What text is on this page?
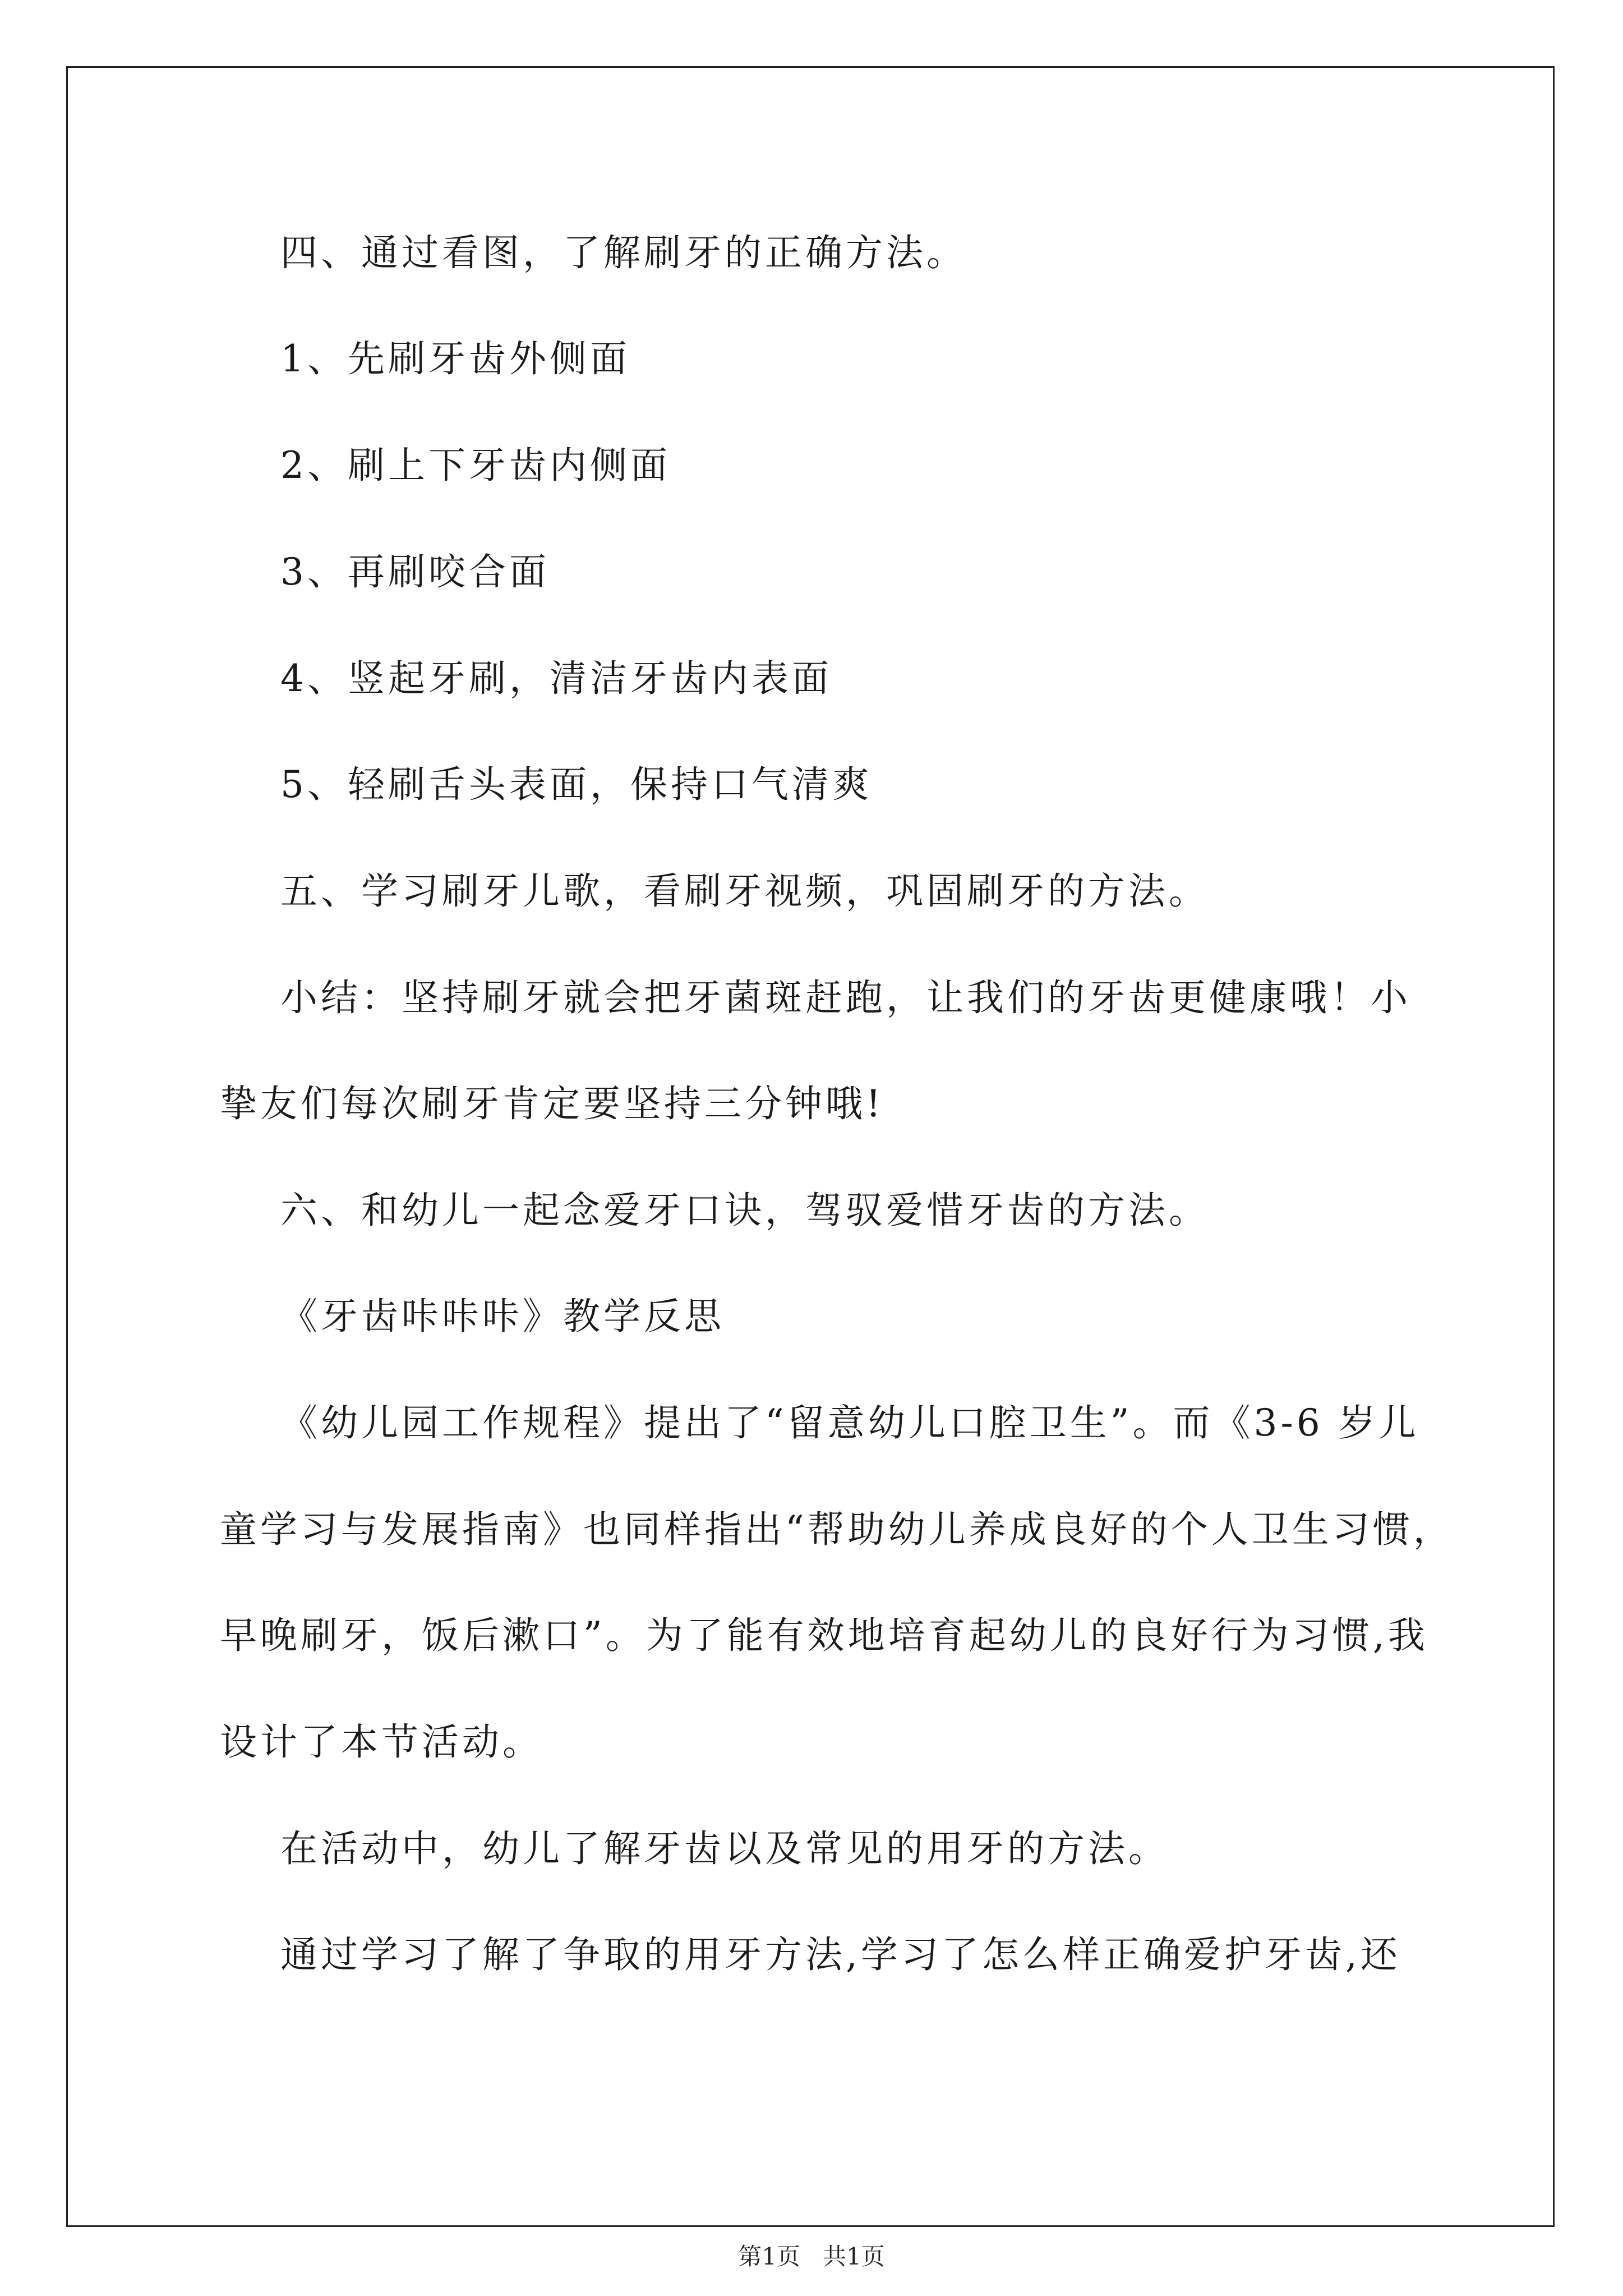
四、通过看图，了解刷牙的正确方法。
1、先刷牙齿外侧面
2、刷上下牙齿内侧面
3、再刷咬合面
4、竖起牙刷，清洁牙齿内表面
5、轻刷舌头表面，保持口气清爽
五、学习刷牙儿歌，看刷牙视频，巩固刷牙的方法。
小结：坚持刷牙就会把牙菌斑赶跑，让我们的牙齿更健康哦！小
挚友们每次刷牙肯定要坚持三分钟哦!
六、和幼儿一起念爱牙口诀，驾驭爱惜牙齿的方法。
《牙齿咔咔咔》教学反思
《幼儿园工作规程》提出了“留意幼儿口腔卫生”。而《3-6 岁儿
童学习与发展指南》也同样指出“帮助幼儿养成良好的个人卫生习惯，
早晚刷牙，饭后漱口”。为了能有效地培育起幼儿的良好行为习惯,我
设计了本节活动。
在活动中，幼儿了解牙齿以及常见的用牙的方法。
通过学习了解了争取的用牙方法,学习了怎么样正确爱护牙齿,还
第1页   共1页
